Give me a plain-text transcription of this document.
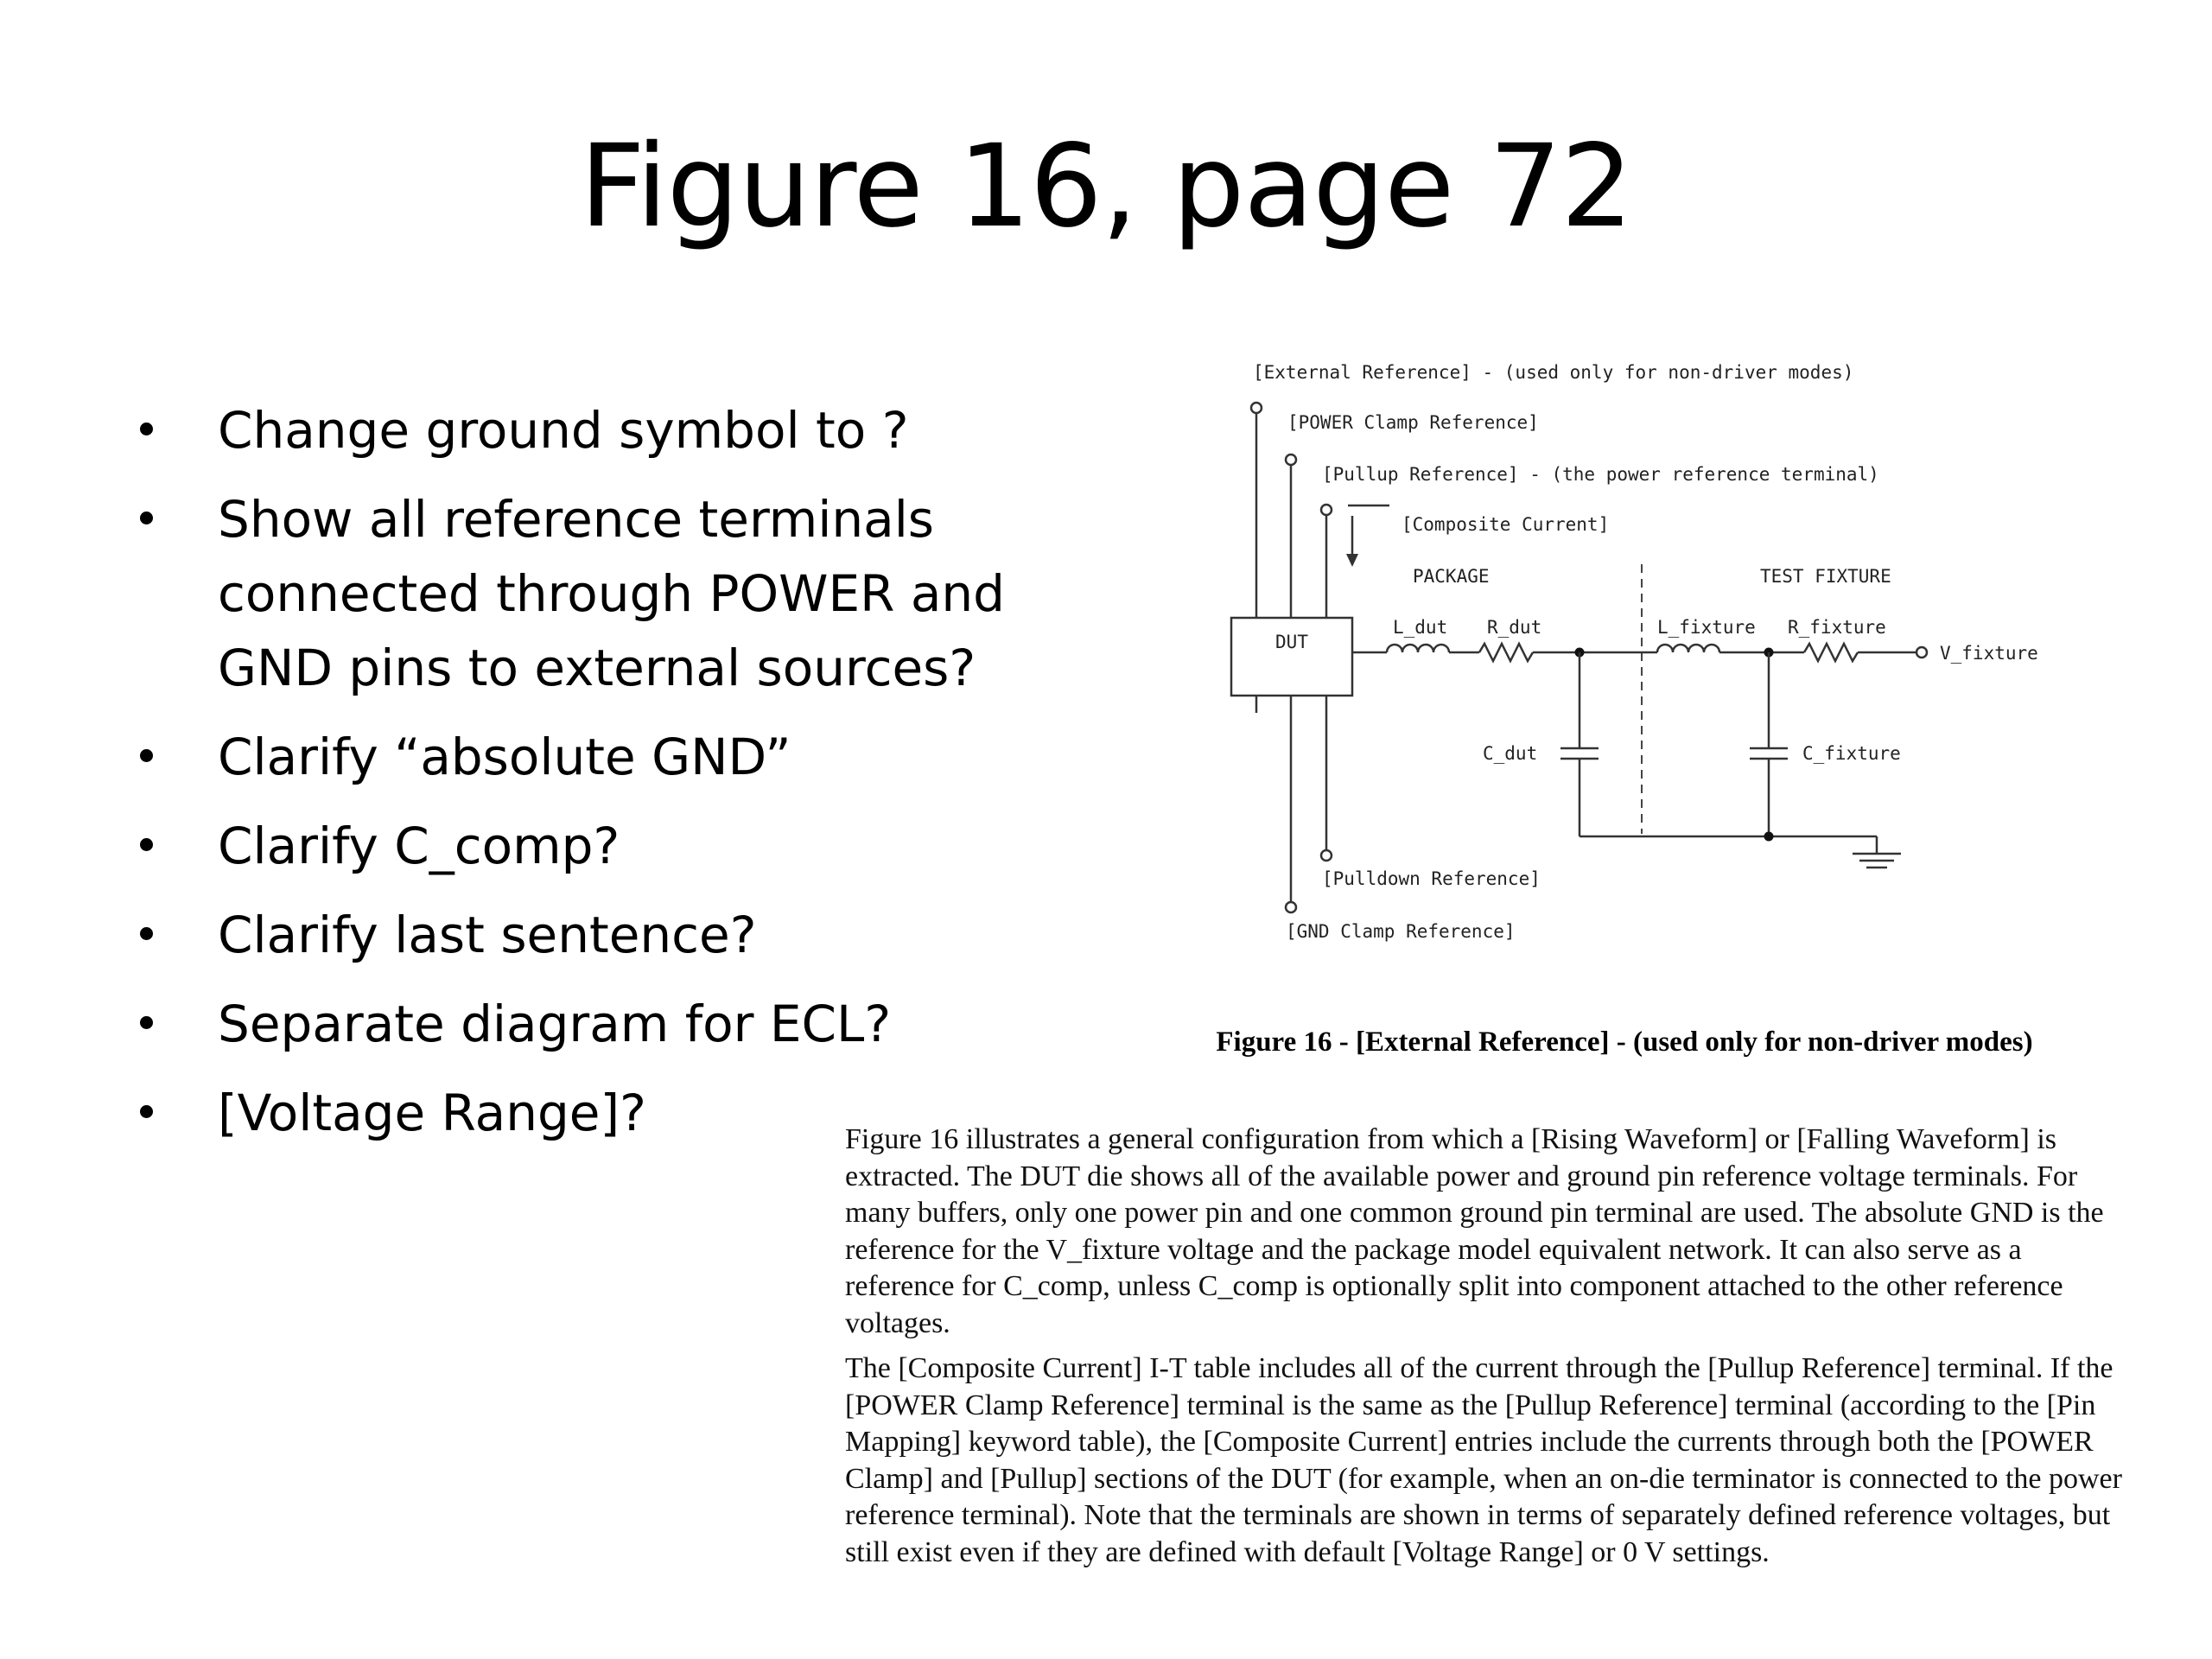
Figure 16, page 72
Change ground symbol to ?
Show all reference terminals connected through POWER and GND pins to external sources?
Clarify “absolute GND”
Clarify C_comp?
Clarify last sentence?
Separate diagram for ECL?
[Voltage Range]?
[External Reference] - (used only for non-driver modes)
[POWER Clamp Reference]
[Pullup Reference] - (the power reference terminal)
[Composite Current]
PACKAGE	TEST FIXTURE
L_dut R_dut	L_fixture R_fixture
V_fixture
C_dut	C_fixture
[Pulldown Reference]
[GND Clamp Reference]
DUT
Figure 16 - [External Reference] - (used only for non-driver modes)

Figure 16 illustrates a general configuration from which a [Rising Waveform] or [Falling Waveform] is extracted. The DUT die shows all of the available power and ground pin reference voltage terminals. For many buffers, only one power pin and one common ground pin terminal are used. The absolute GND is the reference for the V_fixture voltage and the package model equivalent network. It can also serve as a reference for C_comp, unless C_comp is optionally split into component attached to the other reference voltages.

The [Composite Current] I-T table includes all of the current through the [Pullup Reference] terminal. If the [POWER Clamp Reference] terminal is the same as the [Pullup Reference] terminal (according to the [Pin Mapping] keyword table), the [Composite Current] entries include the currents through both the [POWER Clamp] and [Pullup] sections of the DUT (for example, when an on-die terminator is connected to the power reference terminal). Note that the terminals are shown in terms of separately defined reference voltages, but still exist even if they are defined with default [Voltage Range] or 0 V settings.
